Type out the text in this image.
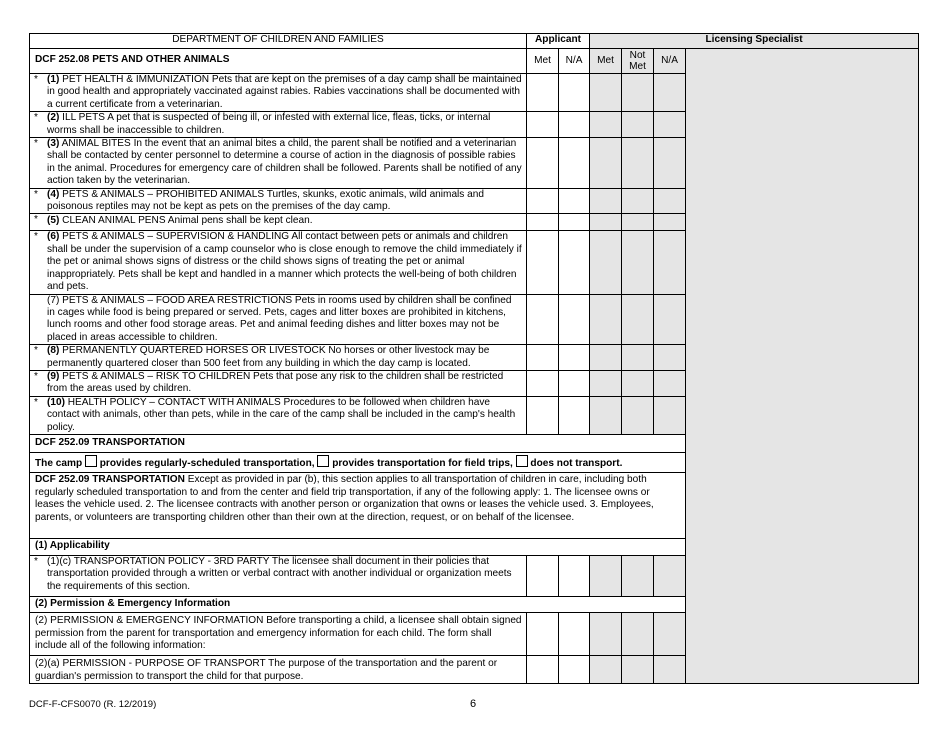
DEPARTMENT OF CHILDREN AND FAMILIES	Applicant		Licensing Specialist			
DCF 252.08 PETS AND OTHER ANIMALS	Met	N/A	Met	Not Met	N/A	

* (1) PET HEALTH & IMMUNIZATION Pets that are kept on the premises of a day camp shall be maintained in good health and appropriately vaccinated against rabies. Rabies vaccinations shall be documented with a current certificate from a veterinarian.						

* (2) ILL PETS A pet that is suspected of being ill, or infested with external lice, fleas, ticks, or internal worms shall be inaccessible to children.						

* (3) ANIMAL BITES In the event that an animal bites a child, the parent shall be notified and a veterinarian shall be contacted by center personnel to determine a course of action in the diagnosis of possible rabies in the animal. Procedures for emergency care of children shall be followed. Parents shall be notified of any action taken by the veterinarian.						

* (4) PETS & ANIMALS – PROHIBITED ANIMALS Turtles, skunks, exotic animals, wild animals and poisonous reptiles may not be kept as pets on the premises of the day camp.						

* (5) CLEAN ANIMAL PENS Animal pens shall be kept clean.						

* (6) PETS & ANIMALS – SUPERVISION & HANDLING All contact between pets or animals and children shall be under the supervision of a camp counselor who is close enough to remove the child immediately if the pet or animal shows signs of distress or the child shows signs of treating the pet or animal inappropriately. Pets shall be kept and handled in a manner which protects the well-being of both children and pets.						

(7) PETS & ANIMALS – FOOD AREA RESTRICTIONS Pets in rooms used by children shall be confined in cages while food is being prepared or served. Pets, cages and litter boxes are prohibited in kitchens, lunch rooms and other food storage areas. Pet and animal feeding dishes and litter boxes may not be placed in areas accessible to children.						

* (8) PERMANENTLY QUARTERED HORSES OR LIVESTOCK No horses or other livestock may be permanently quartered closer than 500 feet from any building in which the day camp is located.						

* (9) PETS & ANIMALS – RISK TO CHILDREN Pets that pose any risk to the children shall be restricted from the areas used by children.						

* (10) HEALTH POLICY – CONTACT WITH ANIMALS Procedures to be followed when children have contact with animals, other than pets, while in the care of the camp shall be included in the camp's health policy.						

DCF 252.09 TRANSPORTATION						
The camp provides regularly-scheduled transportation, provides transportation for field trips, does not transport.						
DCF 252.09 TRANSPORTATION Except as provided in par (b), this section applies to all transportation of children in care, including both regularly scheduled transportation to and from the center and field trip transportation, if any of the following apply: 1. The licensee owns or leases the vehicle used. 2. The licensee contracts with another person or organization that owns or leases the vehicle used. 3. Employees, parents, or volunteers are transporting children other than their own at the direction, request, or on behalf of the licensee.						
(1) Applicability						

* (1)(c) TRANSPORTATION POLICY - 3RD PARTY The licensee shall document in their policies that transportation provided through a written or verbal contract with another individual or organization meets the requirements of this section.						

(2) Permission & Emergency Information						
(2) PERMISSION & EMERGENCY INFORMATION Before transporting a child, a licensee shall obtain signed permission from the parent for transportation and emergency information for each child. The form shall include all of the following information:						
(2)(a) PERMISSION - PURPOSE OF TRANSPORT The purpose of the transportation and the parent or guardian's permission to transport the child for that purpose.						
DCF-F-CFS0070 (R. 12/2019)	6
